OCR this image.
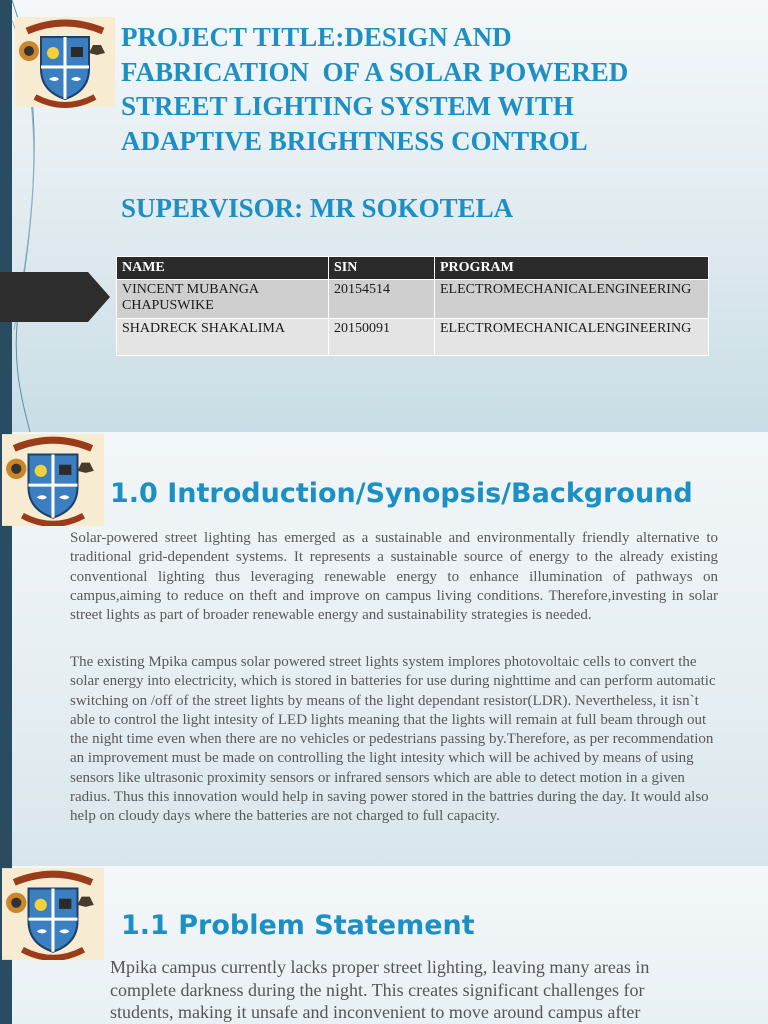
PROJECT TITLE:DESIGN AND
FABRICATION  OF A SOLAR POWERED
STREET LIGHTING SYSTEM WITH
ADAPTIVE BRIGHTNESS CONTROL
SUPERVISOR: MR SOKOTELA
NAME	SIN	PROGRAM
VINCENT MUBANGA CHAPUSWIKE	20154514	ELECTROMECHANICALENGINEERING
SHADRECK SHAKALIMA	20150091	ELECTROMECHANICALENGINEERING
1.0 Introduction/Synopsis/Background

Solar-powered street lighting has emerged as a sustainable and environmentally friendly alternative to traditional grid-dependent systems. It represents a sustainable source of energy to the already existing conventional lighting thus leveraging renewable energy to enhance illumination of pathways on campus,aiming to reduce on theft and improve on campus living conditions. Therefore,investing in solar street lights as part of broader renewable energy and sustainability strategies is needed.

The existing Mpika campus solar powered street lights system implores photovoltaic cells to convert the solar energy into electricity, which is stored in batteries for use during nighttime and can perform automatic switching on /off of the street lights by means of the light dependant resistor(LDR). Nevertheless, it isn`t able to control the light intesity of LED lights meaning that the lights will remain at full beam through out the night time even when there are no vehicles or pedestrians passing by.Therefore, as per recommendation an improvement must be made on controlling the light intesity which will be achived by means of using sensors like ultrasonic proximity sensors or infrared sensors which are able to detect motion in a given radius. Thus this innovation would help in saving power stored in the battries during the day. It would also help on cloudy days where the batteries are not charged to full capacity.

1.1 Problem Statement

Mpika campus currently lacks proper street lighting, leaving many areas in complete darkness during the night. This creates significant challenges for students, making it unsafe and inconvenient to move around campus after
